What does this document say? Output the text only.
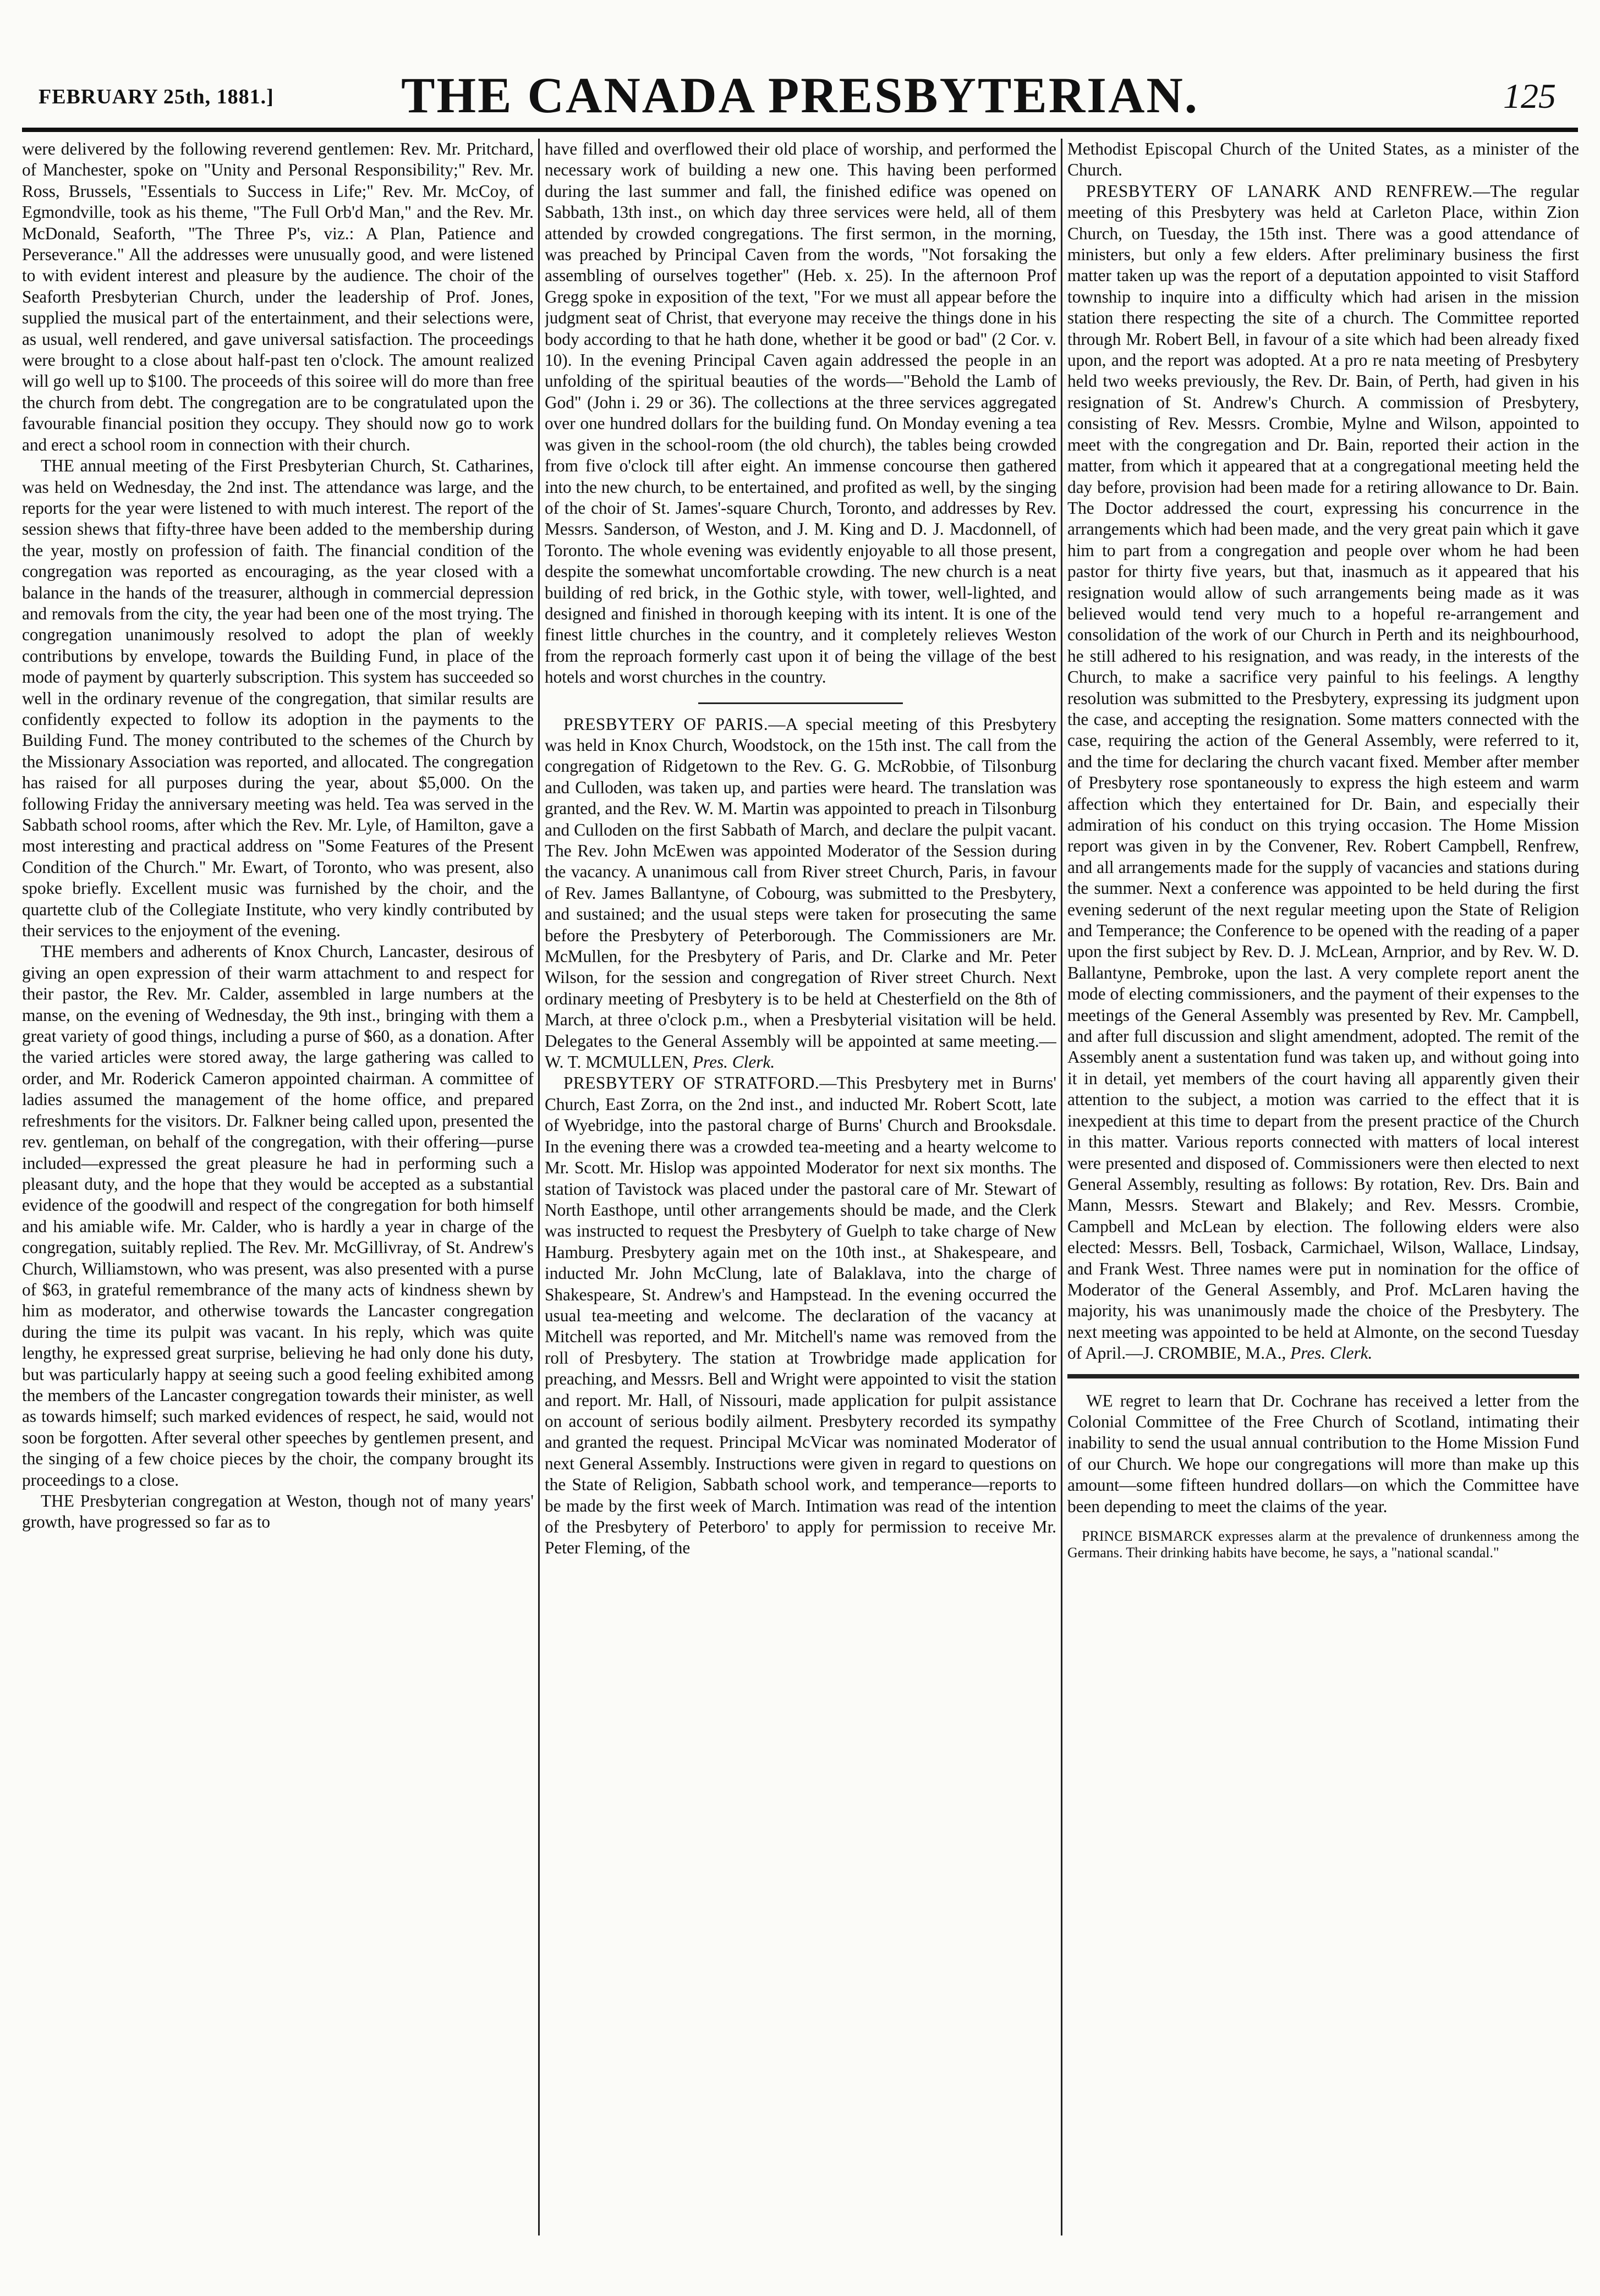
FEBRUARY 25th, 1881.]	THE CANADA PRESBYTERIAN.	125

were delivered by the following reverend gentlemen: Rev. Mr. Pritchard, of Manchester, spoke on "Unity and Personal Responsibility;" Rev. Mr. Ross, Brussels, "Essentials to Success in Life;" Rev. Mr. McCoy, of Egmondville, took as his theme, "The Full Orb'd Man," and the Rev. Mr. McDonald, Seaforth, "The Three P's, viz.: A Plan, Patience and Perseverance." All the addresses were unusually good, and were listened to with evident interest and pleasure by the audience. The choir of the Seaforth Presbyterian Church, under the leadership of Prof. Jones, supplied the musical part of the entertainment, and their selections were, as usual, well rendered, and gave universal satisfaction. The proceedings were brought to a close about half-past ten o'clock. The amount realized will go well up to $100. The proceeds of this soiree will do more than free the church from debt. The congregation are to be congratulated upon the favourable financial position they occupy. They should now go to work and erect a school room in connection with their church.

THE annual meeting of the First Presbyterian Church, St. Catharines, was held on Wednesday, the 2nd inst. The attendance was large, and the reports for the year were listened to with much interest. The report of the session shews that fifty-three have been added to the membership during the year, mostly on profession of faith. The financial condition of the congregation was reported as encouraging, as the year closed with a balance in the hands of the treasurer, although in commercial depression and removals from the city, the year had been one of the most trying. The congregation unanimously resolved to adopt the plan of weekly contributions by envelope, towards the Building Fund, in place of the mode of payment by quarterly subscription. This system has succeeded so well in the ordinary revenue of the congregation, that similar results are confidently expected to follow its adoption in the payments to the Building Fund. The money contributed to the schemes of the Church by the Missionary Association was reported, and allocated. The congregation has raised for all purposes during the year, about $5,000. On the following Friday the anniversary meeting was held. Tea was served in the Sabbath school rooms, after which the Rev. Mr. Lyle, of Hamilton, gave a most interesting and practical address on "Some Features of the Present Condition of the Church." Mr. Ewart, of Toronto, who was present, also spoke briefly. Excellent music was furnished by the choir, and the quartette club of the Collegiate Institute, who very kindly contributed by their services to the enjoyment of the evening.

THE members and adherents of Knox Church, Lancaster, desirous of giving an open expression of their warm attachment to and respect for their pastor, the Rev. Mr. Calder, assembled in large numbers at the manse, on the evening of Wednesday, the 9th inst., bringing with them a great variety of good things, including a purse of $60, as a donation. After the varied articles were stored away, the large gathering was called to order, and Mr. Roderick Cameron appointed chairman. A committee of ladies assumed the management of the home office, and prepared refreshments for the visitors. Dr. Falkner being called upon, presented the rev. gentleman, on behalf of the congregation, with their offering—purse included—expressed the great pleasure he had in performing such a pleasant duty, and the hope that they would be accepted as a substantial evidence of the goodwill and respect of the congregation for both himself and his amiable wife. Mr. Calder, who is hardly a year in charge of the congregation, suitably replied. The Rev. Mr. McGillivray, of St. Andrew's Church, Williamstown, who was present, was also presented with a purse of $63, in grateful remembrance of the many acts of kindness shewn by him as moderator, and otherwise towards the Lancaster congregation during the time its pulpit was vacant. In his reply, which was quite lengthy, he expressed great surprise, believing he had only done his duty, but was particularly happy at seeing such a good feeling exhibited among the members of the Lancaster congregation towards their minister, as well as towards himself; such marked evidences of respect, he said, would not soon be forgotten. After several other speeches by gentlemen present, and the singing of a few choice pieces by the choir, the company brought its proceedings to a close.

THE Presbyterian congregation at Weston, though not of many years' growth, have progressed so far as to

have filled and overflowed their old place of worship, and performed the necessary work of building a new one. This having been performed during the last summer and fall, the finished edifice was opened on Sabbath, 13th inst., on which day three services were held, all of them attended by crowded congregations. The first sermon, in the morning, was preached by Principal Caven from the words, "Not forsaking the assembling of ourselves together" (Heb. x. 25). In the afternoon Prof Gregg spoke in exposition of the text, "For we must all appear before the judgment seat of Christ, that everyone may receive the things done in his body according to that he hath done, whether it be good or bad" (2 Cor. v. 10). In the evening Principal Caven again addressed the people in an unfolding of the spiritual beauties of the words—"Behold the Lamb of God" (John i. 29 or 36). The collections at the three services aggregated over one hundred dollars for the building fund. On Monday evening a tea was given in the school-room (the old church), the tables being crowded from five o'clock till after eight. An immense concourse then gathered into the new church, to be entertained, and profited as well, by the singing of the choir of St. James'-square Church, Toronto, and addresses by Rev. Messrs. Sanderson, of Weston, and J. M. King and D. J. Macdonnell, of Toronto. The whole evening was evidently enjoyable to all those present, despite the somewhat uncomfortable crowding. The new church is a neat building of red brick, in the Gothic style, with tower, well-lighted, and designed and finished in thorough keeping with its intent. It is one of the finest little churches in the country, and it completely relieves Weston from the reproach formerly cast upon it of being the village of the best hotels and worst churches in the country.

PRESBYTERY OF PARIS.—A special meeting of this Presbytery was held in Knox Church, Woodstock, on the 15th inst. The call from the congregation of Ridgetown to the Rev. G. G. McRobbie, of Tilsonburg and Culloden, was taken up, and parties were heard. The translation was granted, and the Rev. W. M. Martin was appointed to preach in Tilsonburg and Culloden on the first Sabbath of March, and declare the pulpit vacant. The Rev. John McEwen was appointed Moderator of the Session during the vacancy. A unanimous call from River street Church, Paris, in favour of Rev. James Ballantyne, of Cobourg, was submitted to the Presbytery, and sustained; and the usual steps were taken for prosecuting the same before the Presbytery of Peterborough. The Commissioners are Mr. McMullen, for the Presbytery of Paris, and Dr. Clarke and Mr. Peter Wilson, for the session and congregation of River street Church. Next ordinary meeting of Presbytery is to be held at Chesterfield on the 8th of March, at three o'clock p.m., when a Presbyterial visitation will be held. Delegates to the General Assembly will be appointed at same meeting.—W. T. MCMULLEN, Pres. Clerk.

PRESBYTERY OF STRATFORD.—This Presbytery met in Burns' Church, East Zorra, on the 2nd inst., and inducted Mr. Robert Scott, late of Wyebridge, into the pastoral charge of Burns' Church and Brooksdale. In the evening there was a crowded tea-meeting and a hearty welcome to Mr. Scott. Mr. Hislop was appointed Moderator for next six months. The station of Tavistock was placed under the pastoral care of Mr. Stewart of North Easthope, until other arrangements should be made, and the Clerk was instructed to request the Presbytery of Guelph to take charge of New Hamburg. Presbytery again met on the 10th inst., at Shakespeare, and inducted Mr. John McClung, late of Balaklava, into the charge of Shakespeare, St. Andrew's and Hampstead. In the evening occurred the usual tea-meeting and welcome. The declaration of the vacancy at Mitchell was reported, and Mr. Mitchell's name was removed from the roll of Presbytery. The station at Trowbridge made application for preaching, and Messrs. Bell and Wright were appointed to visit the station and report. Mr. Hall, of Nissouri, made application for pulpit assistance on account of serious bodily ailment. Presbytery recorded its sympathy and granted the request. Principal McVicar was nominated Moderator of next General Assembly. Instructions were given in regard to questions on the State of Religion, Sabbath school work, and temperance—reports to be made by the first week of March. Intimation was read of the intention of the Presbytery of Peterboro' to apply for permission to receive Mr. Peter Fleming, of the

Methodist Episcopal Church of the United States, as a minister of the Church.

PRESBYTERY OF LANARK AND RENFREW.—The regular meeting of this Presbytery was held at Carleton Place, within Zion Church, on Tuesday, the 15th inst. There was a good attendance of ministers, but only a few elders. After preliminary business the first matter taken up was the report of a deputation appointed to visit Stafford township to inquire into a difficulty which had arisen in the mission station there respecting the site of a church. The Committee reported through Mr. Robert Bell, in favour of a site which had been already fixed upon, and the report was adopted. At a pro re nata meeting of Presbytery held two weeks previously, the Rev. Dr. Bain, of Perth, had given in his resignation of St. Andrew's Church. A commission of Presbytery, consisting of Rev. Messrs. Crombie, Mylne and Wilson, appointed to meet with the congregation and Dr. Bain, reported their action in the matter, from which it appeared that at a congregational meeting held the day before, provision had been made for a retiring allowance to Dr. Bain. The Doctor addressed the court, expressing his concurrence in the arrangements which had been made, and the very great pain which it gave him to part from a congregation and people over whom he had been pastor for thirty five years, but that, inasmuch as it appeared that his resignation would allow of such arrangements being made as it was believed would tend very much to a hopeful re-arrangement and consolidation of the work of our Church in Perth and its neighbourhood, he still adhered to his resignation, and was ready, in the interests of the Church, to make a sacrifice very painful to his feelings. A lengthy resolution was submitted to the Presbytery, expressing its judgment upon the case, and accepting the resignation. Some matters connected with the case, requiring the action of the General Assembly, were referred to it, and the time for declaring the church vacant fixed. Member after member of Presbytery rose spontaneously to express the high esteem and warm affection which they entertained for Dr. Bain, and especially their admiration of his conduct on this trying occasion. The Home Mission report was given in by the Convener, Rev. Robert Campbell, Renfrew, and all arrangements made for the supply of vacancies and stations during the summer. Next a conference was appointed to be held during the first evening sederunt of the next regular meeting upon the State of Religion and Temperance; the Conference to be opened with the reading of a paper upon the first subject by Rev. D. J. McLean, Arnprior, and by Rev. W. D. Ballantyne, Pembroke, upon the last. A very complete report anent the mode of electing commissioners, and the payment of their expenses to the meetings of the General Assembly was presented by Rev. Mr. Campbell, and after full discussion and slight amendment, adopted. The remit of the Assembly anent a sustentation fund was taken up, and without going into it in detail, yet members of the court having all apparently given their attention to the subject, a motion was carried to the effect that it is inexpedient at this time to depart from the present practice of the Church in this matter. Various reports connected with matters of local interest were presented and disposed of. Commissioners were then elected to next General Assembly, resulting as follows: By rotation, Rev. Drs. Bain and Mann, Messrs. Stewart and Blakely; and Rev. Messrs. Crombie, Campbell and McLean by election. The following elders were also elected: Messrs. Bell, Tosback, Carmichael, Wilson, Wallace, Lindsay, and Frank West. Three names were put in nomination for the office of Moderator of the General Assembly, and Prof. McLaren having the majority, his was unanimously made the choice of the Presbytery. The next meeting was appointed to be held at Almonte, on the second Tuesday of April.—J. CROMBIE, M.A., Pres. Clerk.

WE regret to learn that Dr. Cochrane has received a letter from the Colonial Committee of the Free Church of Scotland, intimating their inability to send the usual annual contribution to the Home Mission Fund of our Church. We hope our congregations will more than make up this amount—some fifteen hundred dollars—on which the Committee have been depending to meet the claims of the year.

PRINCE BISMARCK expresses alarm at the prevalence of drunkenness among the Germans. Their drinking habits have become, he says, a "national scandal."
